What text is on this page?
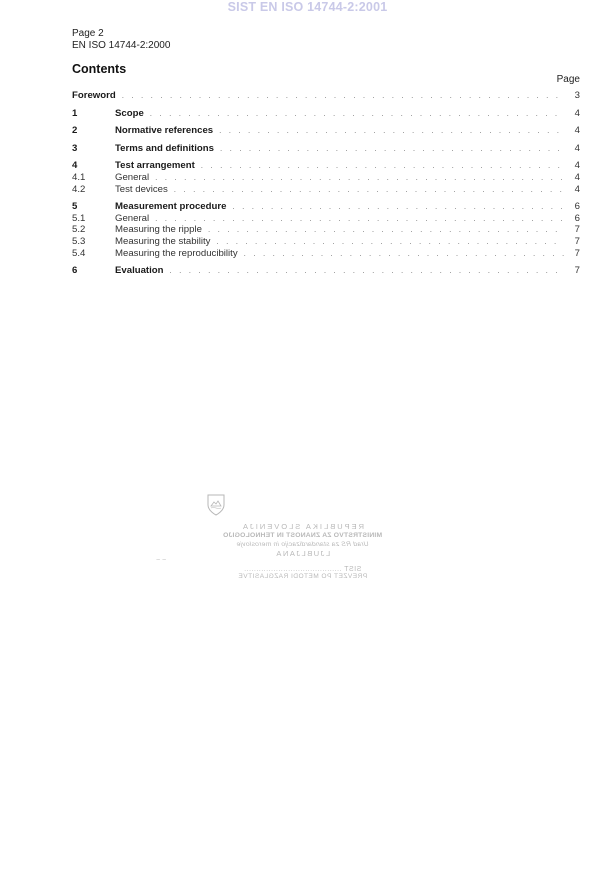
SIST EN ISO 14744-2:2001
Page 2
EN ISO 14744-2:2000
Contents
Page
Foreword . . .	3
1	Scope . . .	4
2	Normative references . . .	4
3	Terms and definitions . . .	4
4	Test arrangement . . .	4
4.1	General . . .	4
4.2	Test devices . . .	4
5	Measurement procedure . . .	6
5.1	General . . .	6
5.2	Measuring the ripple . . .	7
5.3	Measuring the stability . . .	7
5.4	Measuring the reproducibility . . .	7
6	Evaluation . . .	7
REPUBLIKA SLOVENIJA
MINISTRSTVO ZA ZNANOST IN TEHNOLOGIJO
Urad RS za standardizacijo in meroslovje
LJUBLJANA
SIST ........................................
PREVZET PO METODI RAZGLASITVE
~ ~
